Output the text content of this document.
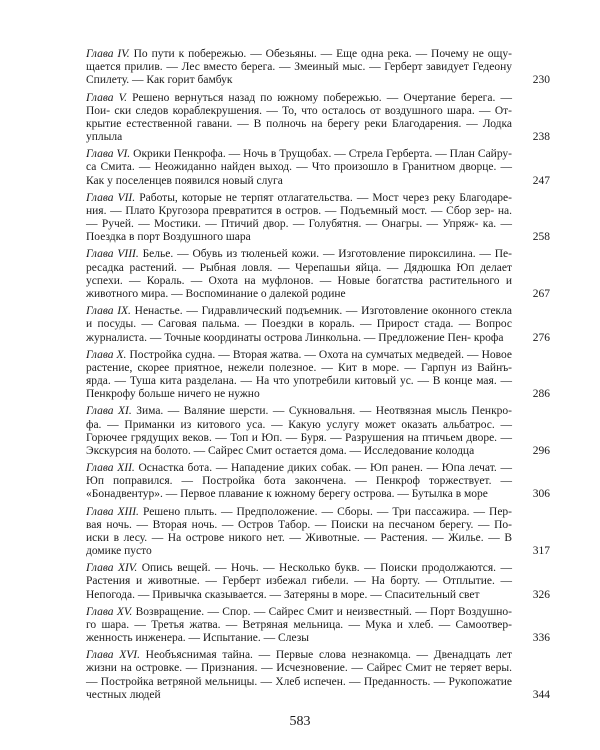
Глава IV. По пути к побережью. — Обезьяны. — Еще одна река. — Почему не ощу- щается прилив. — Лес вместо берега. — Змеиный мыс. — Герберт завидует Гедеону Спилету. — Как горит бамбук	230
Глава V. Решено вернуться назад по южному побережью. — Очертание берега. — Пои- ски следов кораблекрушения. — То, что осталось от воздушного шара. — От- крытие естественной гавани. — В полночь на берегу реки Благодарения. — Лодка уплыла	238
Глава VI. Окрики Пенкрофа. — Ночь в Трущобах. — Стрела Герберта. — План Сайру- са Смита. — Неожиданно найден выход. — Что произошло в Гранитном дворце. — Как у поселенцев появился новый слуга	247
Глава VII. Работы, которые не терпят отлагательства. — Мост через реку Благодаре- ния. — Плато Кругозора превратится в остров. — Подъемный мост. — Сбор зер- на. — Ручей. — Мостики. — Птичий двор. — Голубятня. — Онагры. — Упряж- ка. — Поездка в порт Воздушного шара	258
Глава VIII. Белье. — Обувь из тюленьей кожи. — Изготовление пироксилина. — Пе- ресадка растений. — Рыбная ловля. — Черепашьи яйца. — Дядюшка Юп делает успехи. — Кораль. — Охота на муфлонов. — Новые богатства растительного и животного мира. — Воспоминание о далекой родине	267
Глава IX. Ненастье. — Гидравлический подъемник. — Изготовление оконного стекла и посуды. — Саговая пальма. — Поездки в кораль. — Прирост стада. — Вопрос журналиста. — Точные координаты острова Линкольна. — Предложение Пен- крофа	276
Глава X. Постройка судна. — Вторая жатва. — Охота на сумчатых медведей. — Новое растение, скорее приятное, нежели полезное. — Кит в море. — Гарпун из Вайнъ- ярда. — Туша кита разделана. — На что употребили китовый ус. — В конце мая. — Пенкрофу больше ничего не нужно	286
Глава XI. Зима. — Валяние шерсти. — Сукновальня. — Неотвязная мысль Пенкро- фа. — Приманки из китового уса. — Какую услугу может оказать альбатрос. — Горючее грядущих веков. — Топ и Юп. — Буря. — Разрушения на птичьем дворе. — Экскурсия на болото. — Сайрес Смит остается дома. — Исследование колодца	296
Глава XII. Оснастка бота. — Нападение диких собак. — Юп ранен. — Юпа лечат. — Юп поправился. — Постройка бота закончена. — Пенкроф торжествует. — «Бонадвентур». — Первое плавание к южному берегу острова. — Бутылка в море	306
Глава XIII. Решено плыть. — Предположение. — Сборы. — Три пассажира. — Пер- вая ночь. — Вторая ночь. — Остров Табор. — Поиски на песчаном берегу. — По- иски в лесу. — На острове никого нет. — Животные. — Растения. — Жилье. — В домике пусто	317
Глава XIV. Опись вещей. — Ночь. — Несколько букв. — Поиски продолжаются. — Растения и животные. — Герберт избежал гибели. — На борту. — Отплытие. — Непогода. — Привычка сказывается. — Затеряны в море. — Спасительный свет	326
Глава XV. Возвращение. — Спор. — Сайрес Смит и неизвестный. — Порт Воздушно- го шара. — Третья жатва. — Ветряная мельница. — Мука и хлеб. — Самоотвер- женность инженера. — Испытание. — Слезы	336
Глава XVI. Необъяснимая тайна. — Первые слова незнакомца. — Двенадцать лет жизни на островке. — Признания. — Исчезновение. — Сайрес Смит не теряет веры. — Постройка ветряной мельницы. — Хлеб испечен. — Преданность. — Рукопожатие честных людей	344
583
